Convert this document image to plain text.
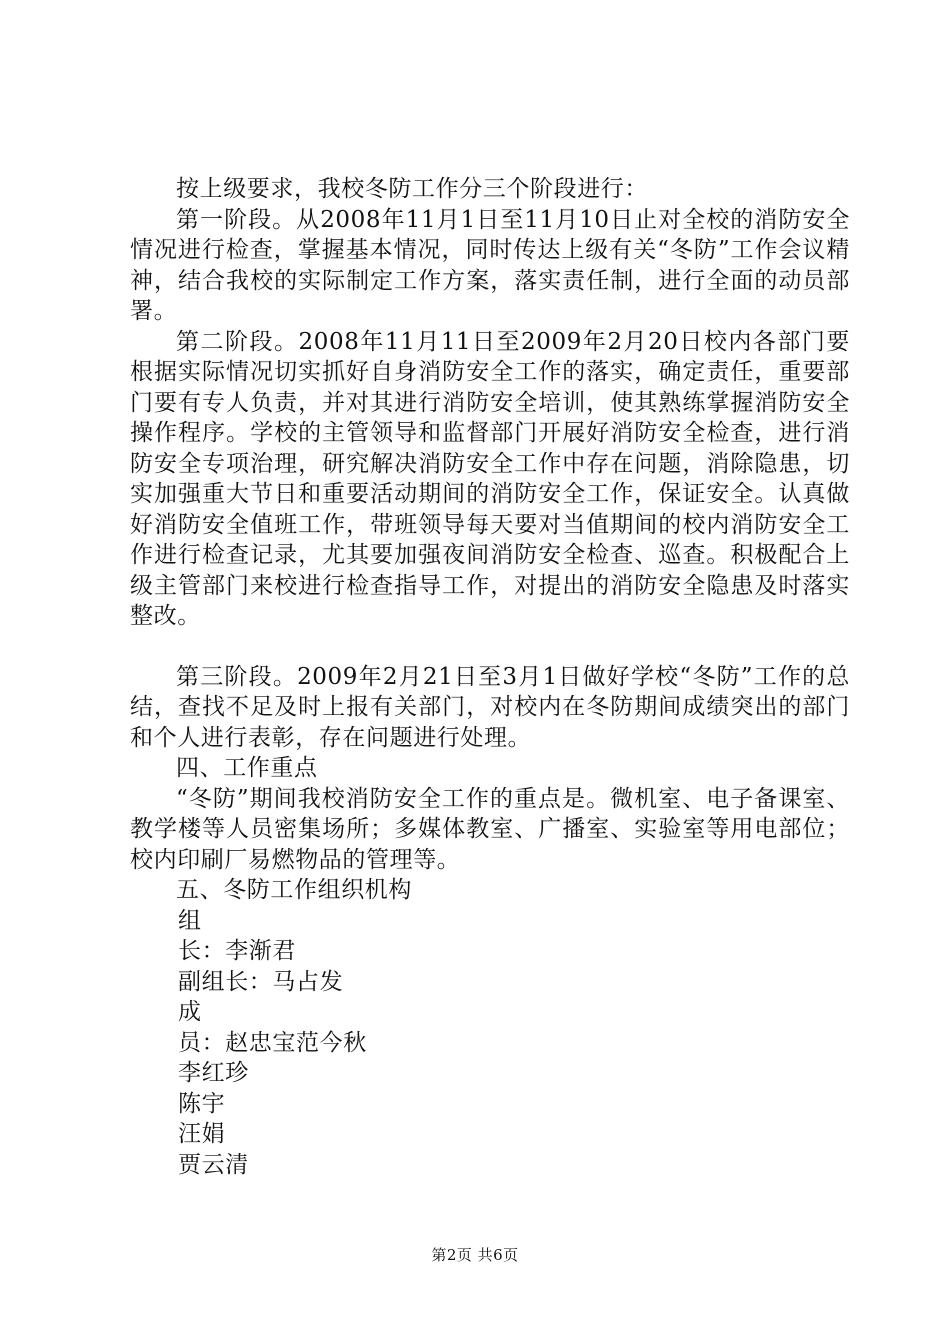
按上级要求，我校冬防工作分三个阶段进行：

第一阶段。从2008年11月1日至11月10日止对全校的消防安全情况进行检查，掌握基本情况，同时传达上级有关“冬防”工作会议精神，结合我校的实际制定工作方案，落实责任制，进行全面的动员部署。

第二阶段。2008年11月11日至2009年2月20日校内各部门要根据实际情况切实抓好自身消防安全工作的落实，确定责任，重要部门要有专人负责，并对其进行消防安全培训，使其熟练掌握消防安全操作程序。学校的主管领导和监督部门开展好消防安全检查，进行消防安全专项治理，研究解决消防安全工作中存在问题，消除隐患，切实加强重大节日和重要活动期间的消防安全工作，保证安全。认真做好消防安全值班工作，带班领导每天要对当值期间的校内消防安全工作进行检查记录，尤其要加强夜间消防安全检查、巡查。积极配合上级主管部门来校进行检查指导工作，对提出的消防安全隐患及时落实整改。

第三阶段。2009年2月21日至3月1日做好学校“冬防”工作的总结，查找不足及时上报有关部门，对校内在冬防期间成绩突出的部门和个人进行表彰，存在问题进行处理。

四、工作重点

“冬防”期间我校消防安全工作的重点是。微机室、电子备课室、教学楼等人员密集场所；多媒体教室、广播室、实验室等用电部位；校内印刷厂易燃物品的管理等。

五、冬防工作组织机构

组

长：李渐君

副组长：马占发

成

员：赵忠宝范今秋

李红珍

陈宇

汪娟

贾云清

第2页 共6页
